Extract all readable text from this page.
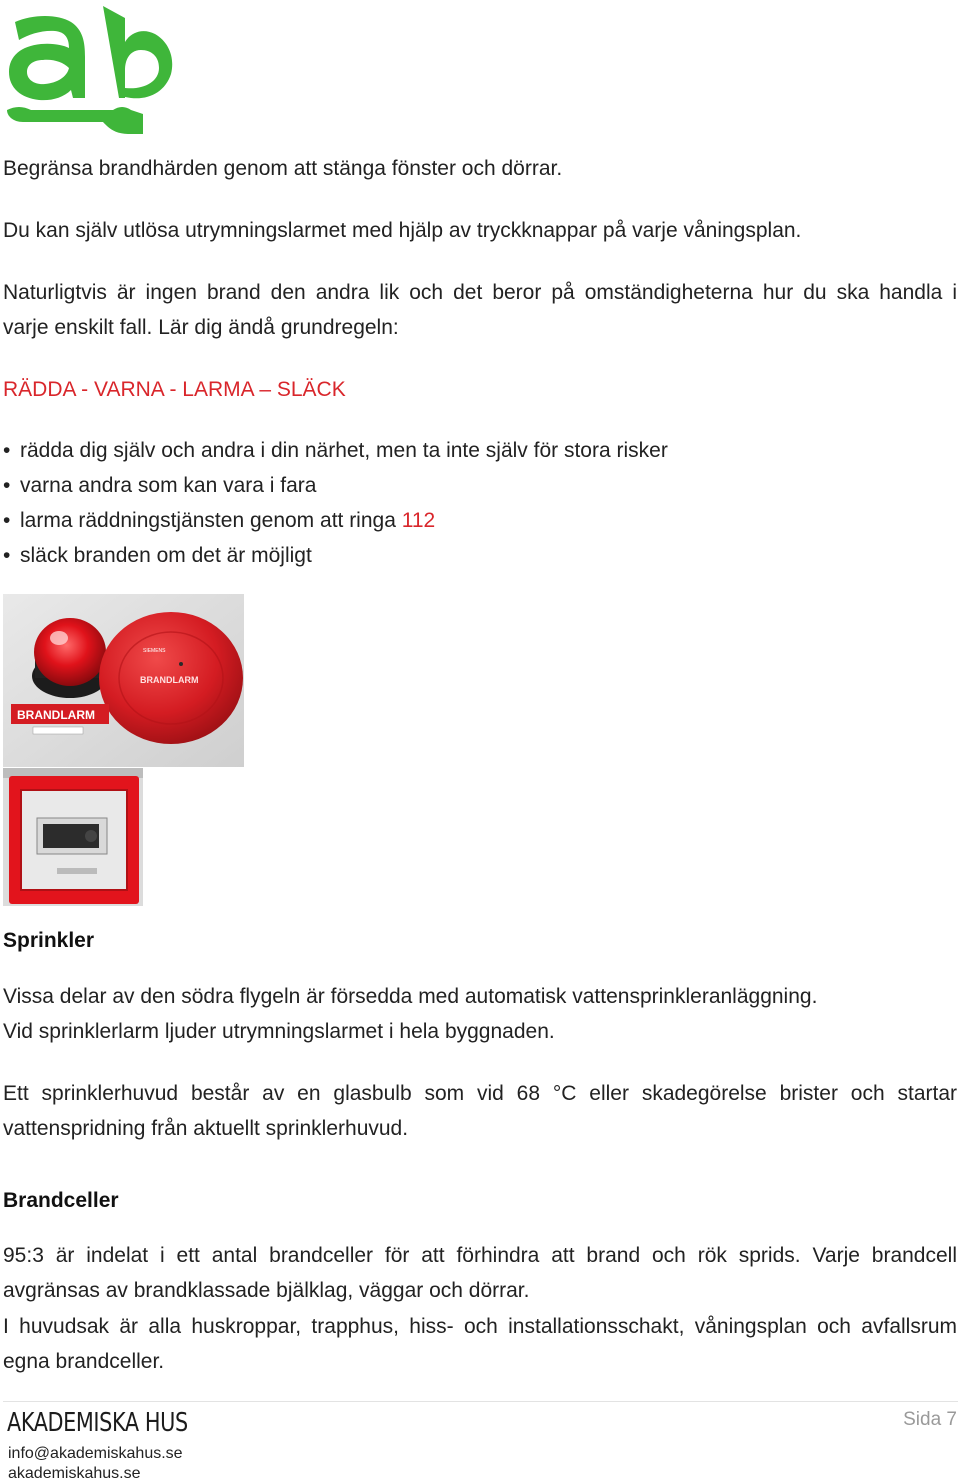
Begränsa brandhärden genom att stänga fönster och dörrar.

Du kan själv utlösa utrymningslarmet med hjälp av tryckknappar på varje våningsplan.

Naturligtvis är ingen brand den andra lik och det beror på omständigheterna hur du ska handla i

varje enskilt fall. Lär dig ändå grundregeln:

RÄDDA - VARNA - LARMA – SLÄCK

• rädda dig själv och andra i din närhet, men ta inte själv för stora risker
• varna andra som kan vara i fara
• larma räddningstjänsten genom att ringa 112
• släck branden om det är möjligt
SIEMENS
BRANDLARM
BRANDLARM
Sprinkler

Vissa delar av den södra flygeln är försedda med automatisk vattensprinkleranläggning.

Vid sprinklerlarm ljuder utrymningslarmet i hela byggnaden.

Ett sprinklerhuvud består av en glasbulb som vid 68 °C eller skadegörelse brister och startar

vattenspridning från aktuellt sprinklerhuvud.

Brandceller

95:3 är indelat i ett antal brandceller för att förhindra att brand och rök sprids. Varje brandcell

avgränsas av brandklassade bjälklag, väggar och dörrar.

I huvudsak är alla huskroppar, trapphus, hiss- och installationsschakt, våningsplan och avfallsrum

egna brandceller.

AKADEMISKA HUS
info@akademiskahus.se
akademiskahus.se
Sida 7
